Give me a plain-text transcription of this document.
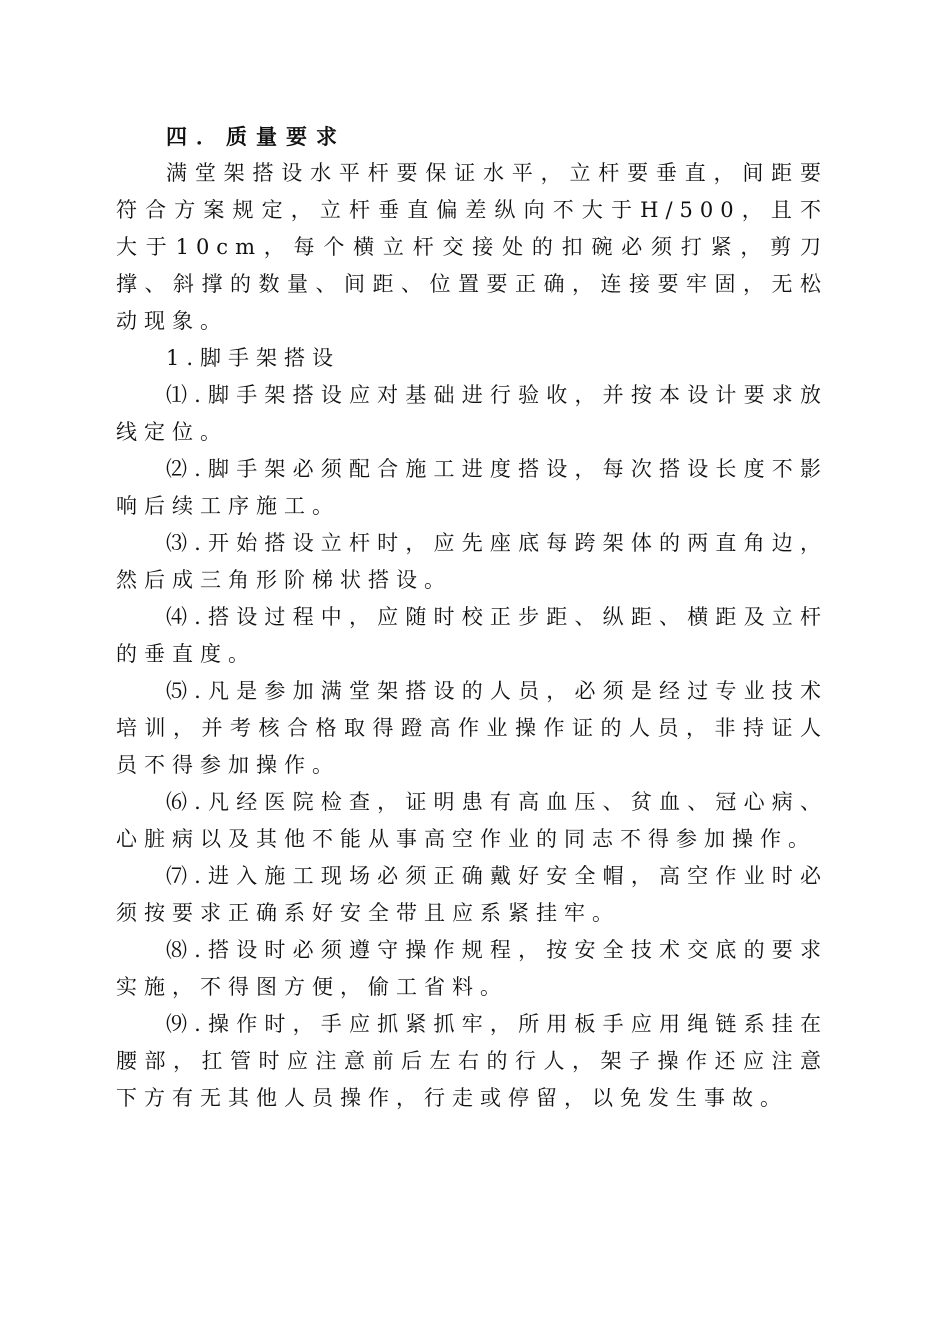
四．质量要求

满堂架搭设水平杆要保证水平，立杆要垂直，间距要符合方案规定，立杆垂直偏差纵向不大于H/500，且不大于10cm，每个横立杆交接处的扣碗必须打紧，剪刀撑、斜撑的数量、间距、位置要正确，连接要牢固，无松动现象。

1.脚手架搭设

⑴.脚手架搭设应对基础进行验收，并按本设计要求放线定位。

⑵.脚手架必须配合施工进度搭设，每次搭设长度不影响后续工序施工。

⑶.开始搭设立杆时，应先座底每跨架体的两直角边，然后成三角形阶梯状搭设。

⑷.搭设过程中，应随时校正步距、纵距、横距及立杆的垂直度。

⑸.凡是参加满堂架搭设的人员，必须是经过专业技术培训，并考核合格取得蹬高作业操作证的人员，非持证人员不得参加操作。

⑹.凡经医院检查，证明患有高血压、贫血、冠心病、心脏病以及其他不能从事高空作业的同志不得参加操作。

⑺.进入施工现场必须正确戴好安全帽，高空作业时必须按要求正确系好安全带且应系紧挂牢。

⑻.搭设时必须遵守操作规程，按安全技术交底的要求实施，不得图方便，偷工省料。

⑼.操作时，手应抓紧抓牢，所用板手应用绳链系挂在腰部，扛管时应注意前后左右的行人，架子操作还应注意下方有无其他人员操作，行走或停留，以免发生事故。
